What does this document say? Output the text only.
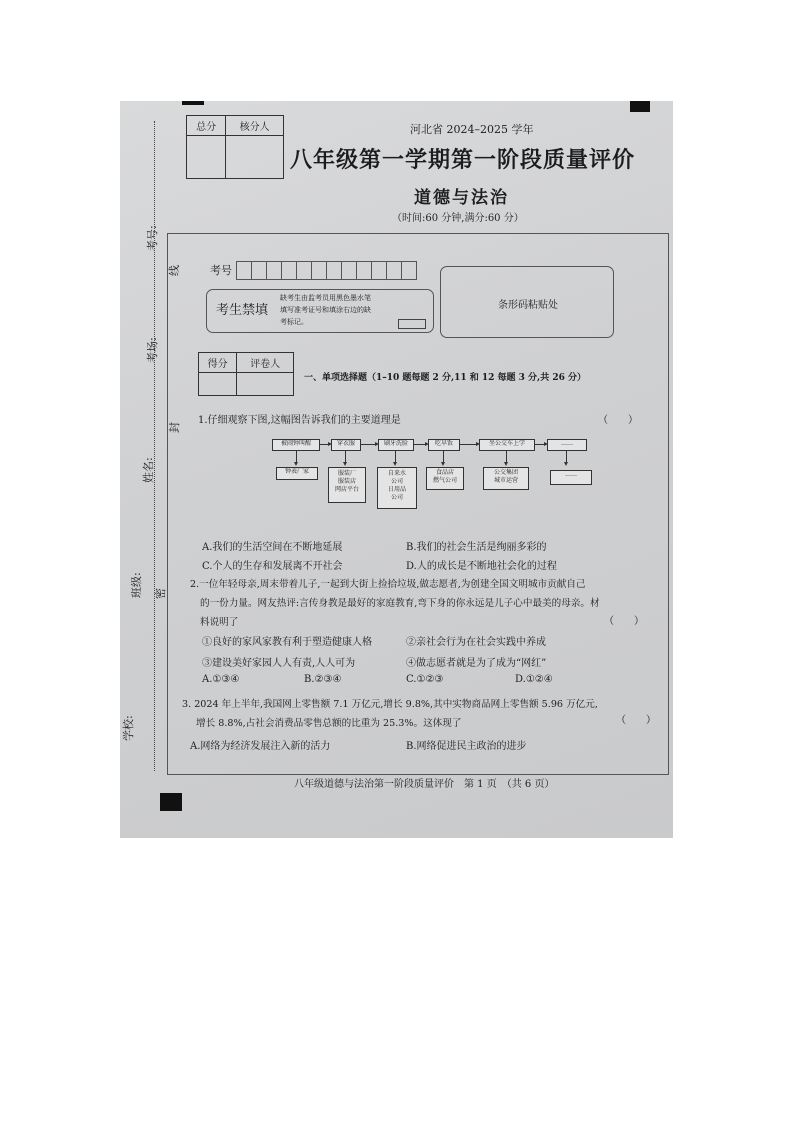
考号:
线
考场:
封
姓名:
班级: 密
学校:
总分	核分人
		河北省 2024–2025 学年
八年级第一学期第一阶段质量评价
道德与法治
（时间:60 分钟,满分:60 分）
考号
考生禁填
缺考生由监考员用黑色墨水笔
填写准考证号和填涂右边的缺
考标记。
条形码粘贴处
得分	评卷人

一、单项选择题（1–10 题每题 2 分,11 和 12 每题 3 分,共 26 分）
1.仔细观察下图,这幅图告诉我们的主要道理是	（　　）
被闹钟叫醒	穿衣服	刷牙洗脸	吃早饭	坐公交车上学	……
钟表厂家	服装厂
服装店
网店平台
自来水
公司
日用品
公司
食品店
燃气公司
公交集团
城市运营
……
A.我们的生活空间在不断地延展	B.我们的社会生活是绚丽多彩的
C.个人的生存和发展离不开社会	D.人的成长是不断地社会化的过程
2.一位年轻母亲,周末带着儿子,一起到大街上捡拾垃圾,做志愿者,为创建全国文明城市贡献自己
的一份力量。网友热评:言传身教是最好的家庭教育,弯下身的你永远是儿子心中最美的母亲。材
料说明了	（　　）
①良好的家风家教有利于塑造健康人格	②亲社会行为在社会实践中养成
③建设美好家园人人有责,人人可为	④做志愿者就是为了成为“网红”
A.①③④	B.②③④	C.①②③	D.①②④
3. 2024 年上半年,我国网上零售额 7.1 万亿元,增长 9.8%,其中实物商品网上零售额 5.96 万亿元,
增长 8.8%,占社会消费品零售总额的比重为 25.3%。这体现了	（　　）
A.网络为经济发展注入新的活力	B.网络促进民主政治的进步
八年级道德与法治第一阶段质量评价　第 1 页　（共 6 页）
